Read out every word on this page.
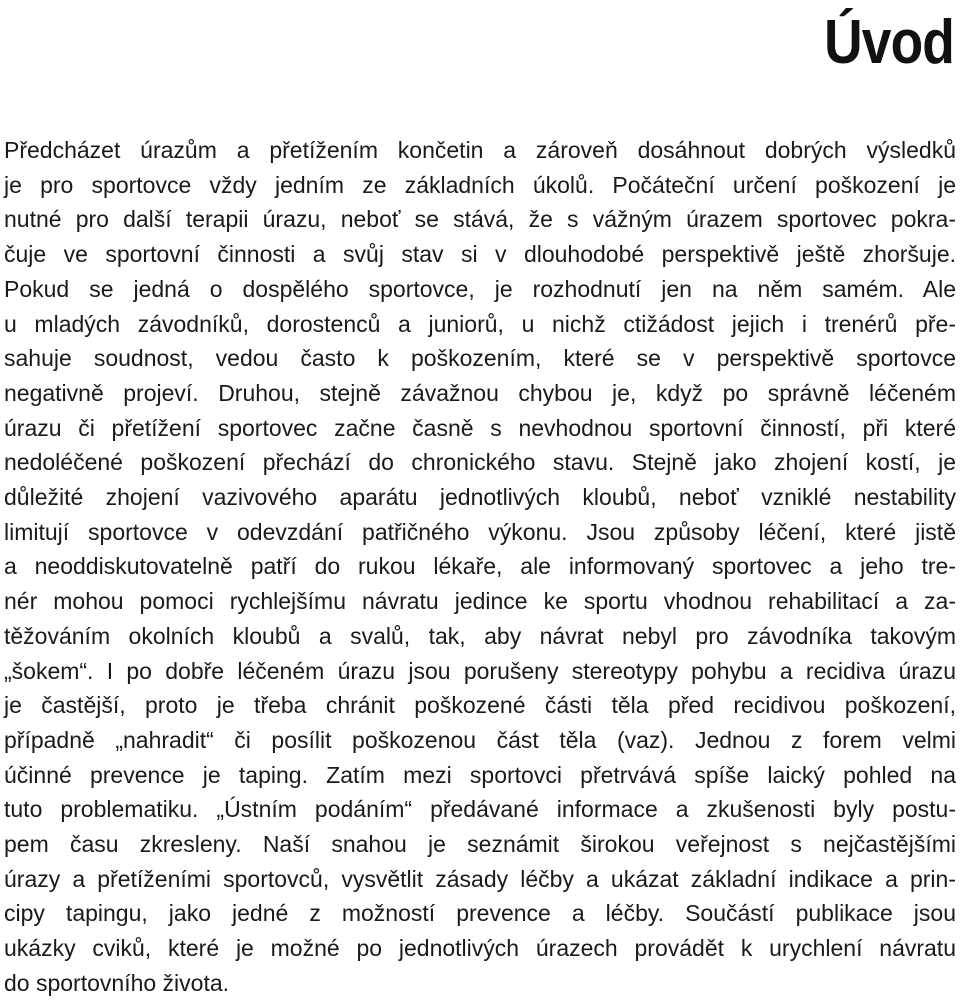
Úvod
Předcházet úrazům a přetížením končetin a zároveň dosáhnout dobrých výsledků
je pro sportovce vždy jedním ze základních úkolů. Počáteční určení poškození je
nutné pro další terapii úrazu, neboť se stává, že s vážným úrazem sportovec pokra-
čuje ve sportovní činnosti a svůj stav si v dlouhodobé perspektivě ještě zhoršuje.
Pokud se jedná o dospělého sportovce, je rozhodnutí jen na něm samém. Ale
u mladých závodníků, dorostenců a juniorů, u nichž ctižádost jejich i trenérů pře-
sahuje soudnost, vedou často k poškozením, které se v perspektivě sportovce
negativně projeví. Druhou, stejně závažnou chybou je, když po správně léčeném
úrazu či přetížení sportovec začne časně s nevhodnou sportovní činností, při které
nedoléčené poškození přechází do chronického stavu. Stejně jako zhojení kostí, je
důležité zhojení vazivového aparátu jednotlivých kloubů, neboť vzniklé nestability
limitují sportovce v odevzdání patřičného výkonu. Jsou způsoby léčení, které jistě
a neoddiskutovatelně patří do rukou lékaře, ale informovaný sportovec a jeho tre-
nér mohou pomoci rychlejšímu návratu jedince ke sportu vhodnou rehabilitací a za-
těžováním okolních kloubů a svalů, tak, aby návrat nebyl pro závodníka takovým
„šokem“. I po dobře léčeném úrazu jsou porušeny stereotypy pohybu a recidiva úrazu
je častější, proto je třeba chránit poškozené části těla před recidivou poškození,
případně „nahradit“ či posílit poškozenou část těla (vaz). Jednou z forem velmi
účinné prevence je taping. Zatím mezi sportovci přetrvává spíše laický pohled na
tuto problematiku. „Ústním podáním“ předávané informace a zkušenosti byly postu-
pem času zkresleny. Naší snahou je seznámit širokou veřejnost s nejčastějšími
úrazy a přetíženími sportovců, vysvětlit zásady léčby a ukázat základní indikace a prin-
cipy tapingu, jako jedné z možností prevence a léčby. Součástí publikace jsou
ukázky cviků, které je možné po jednotlivých úrazech provádět k urychlení návratu
do sportovního života.
